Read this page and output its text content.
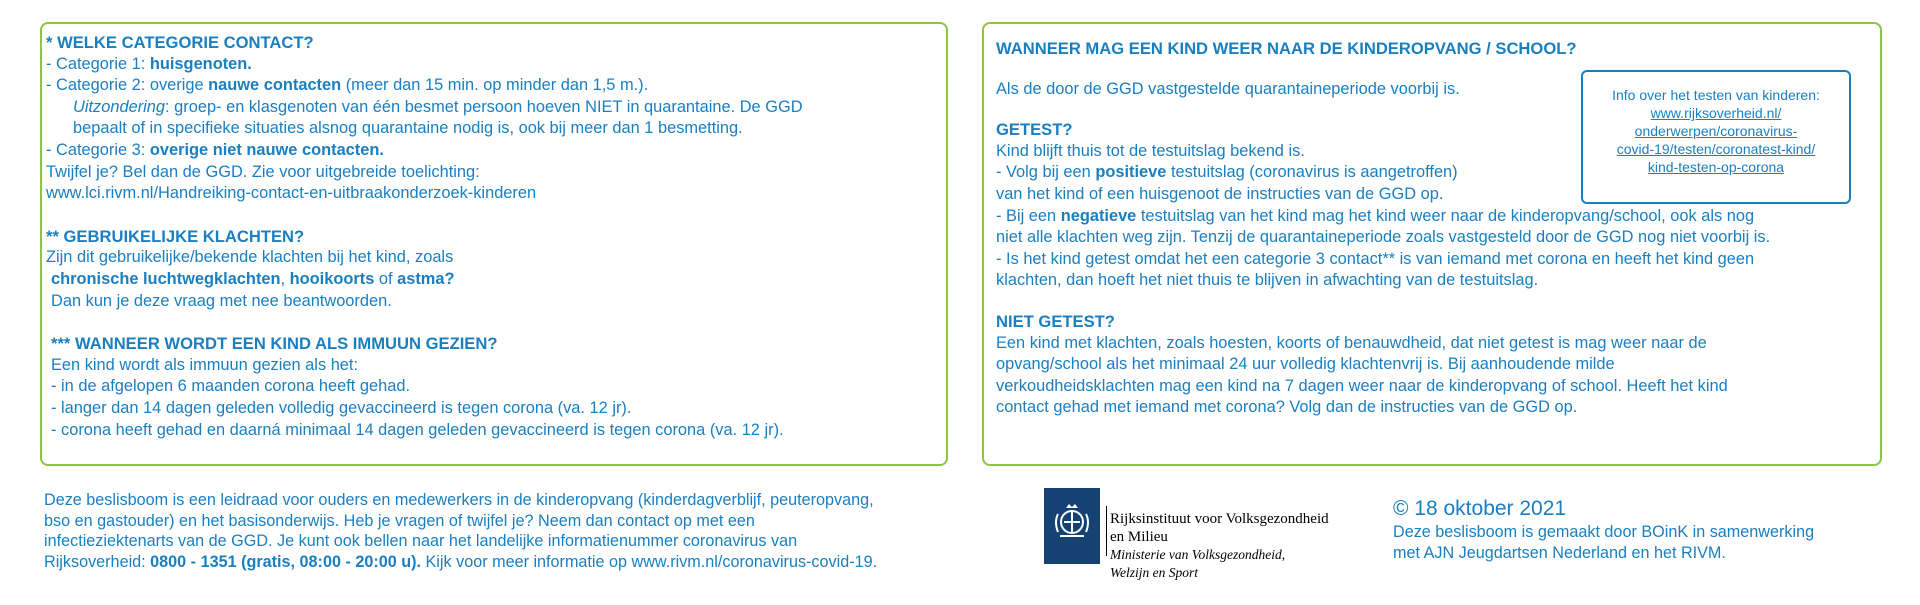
* WELKE CATEGORIE CONTACT?

- Categorie 1: huisgenoten.

- Categorie 2: overige nauwe contacten (meer dan 15 min. op minder dan 1,5 m.).

Uitzondering: groep- en klasgenoten van één besmet persoon hoeven NIET in quarantaine. De GGD

bepaalt of in specifieke situaties alsnog quarantaine nodig is, ook bij meer dan 1 besmetting.

- Categorie 3: overige niet nauwe contacten.

Twijfel je? Bel dan de GGD. Zie voor uitgebreide toelichting:

www.lci.rivm.nl/Handreiking-contact-en-uitbraakonderzoek-kinderen

** GEBRUIKELIJKE KLACHTEN?

Zijn dit gebruikelijke/bekende klachten bij het kind, zoals

chronische luchtwegklachten, hooikoorts of astma?

Dan kun je deze vraag met nee beantwoorden.

*** WANNEER WORDT EEN KIND ALS IMMUUN GEZIEN?

Een kind wordt als immuun gezien als het:

- in de afgelopen 6 maanden corona heeft gehad.

- langer dan 14 dagen geleden volledig gevaccineerd is tegen corona (va. 12 jr).

- corona heeft gehad en daarná minimaal 14 dagen geleden gevaccineerd is tegen corona (va. 12 jr).

WANNEER MAG EEN KIND WEER NAAR DE KINDEROPVANG / SCHOOL?

Als de door de GGD vastgestelde quarantaineperiode voorbij is.

GETEST?

Kind blijft thuis tot de testuitslag bekend is.

- Volg bij een positieve testuitslag (coronavirus is aangetroffen)

van het kind of een huisgenoot de instructies van de GGD op.

- Bij een negatieve testuitslag van het kind mag het kind weer naar de kinderopvang/school, ook als nog

niet alle klachten weg zijn. Tenzij de quarantaineperiode zoals vastgesteld door de GGD nog niet voorbij is.

- Is het kind getest omdat het een categorie 3 contact** is van iemand met corona en heeft het kind geen

klachten, dan hoeft het niet thuis te blijven in afwachting van de testuitslag.

NIET GETEST?

Een kind met klachten, zoals hoesten, koorts of benauwdheid, dat niet getest is mag weer naar de

opvang/school als het minimaal 24 uur volledig klachtenvrij is. Bij aanhoudende milde

verkoudheidsklachten mag een kind na 7 dagen weer naar de kinderopvang of school. Heeft het kind

contact gehad met iemand met corona? Volg dan de instructies van de GGD op.

Info over het testen van kinderen:
www.rijksoverheid.nl/
onderwerpen/coronavirus-
covid-19/testen/coronatest-kind/
kind-testen-op-corona

Deze beslisboom is een leidraad voor ouders en medewerkers in de kinderopvang (kinderdagverblijf, peuteropvang,

bso en gastouder) en het basisonderwijs. Heb je vragen of twijfel je? Neem dan contact op met een

infectieziektenarts van de GGD. Je kunt ook bellen naar het landelijke informatienummer coronavirus van

Rijksoverheid: 0800 - 1351 (gratis, 08:00 - 20:00 u). Kijk voor meer informatie op www.rivm.nl/coronavirus-covid-19.

Rijksinstituut voor Volksgezondheid
en Milieu
Ministerie van Volksgezondheid,
Welzijn en Sport
© 18 oktober 2021

Deze beslisboom is gemaakt door BOinK in samenwerking

met AJN Jeugdartsen Nederland en het RIVM.
